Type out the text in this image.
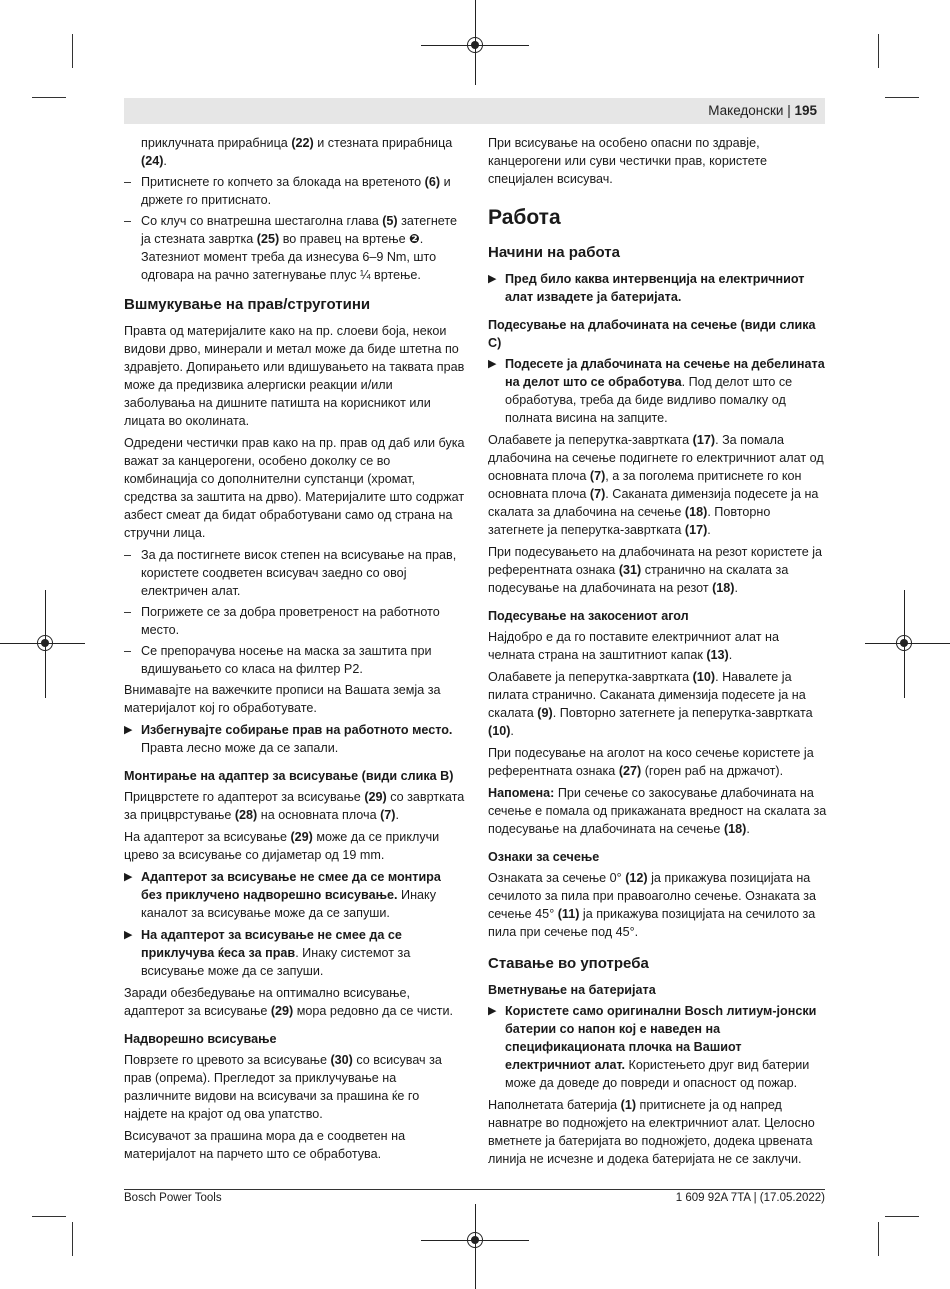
Македонски | 195

приклучната прирабница (22) и стезната прирабница (24).

– Притиснете го копчето за блокада на вретеното (6) и држете го притиснато.

– Со клуч со внатрешна шестаголна глава (5) затегнете ја стезната завртка (25) во правец на вртење ❷. Затезниот момент треба да изнесува 6–9 Nm, што одговара на рачно затегнување плус ¼ вртење.

Вшмукување на прав/струготини

Правта од материјалите како на пр. слоеви боја, некои видови дрво, минерали и метал може да биде штетна по здравјето. Допирањето или вдишувањето на таквата прав може да предизвика алергиски реакции и/или заболувања на дишните патишта на корисникот или лицата во околината.

Одредени честички прав како на пр. прав од даб или бука важат за канцерогени, особено доколку се во комбинација со дополнителни супстанци (хромат, средства за заштита на дрво). Материјалите што содржат азбест смеат да бидат обработувани само од страна на стручни лица.

– За да постигнете висок степен на всисување на прав, користете соодветен всисувач заедно со овој електричен алат.

– Погрижете се за добра проветреност на работното место.

– Се препорачува носење на маска за заштита при вдишувањето со класа на филтер P2.

Внимавајте на важечките прописи на Вашата земја за материјалот кој го обработувате.

▶ Избегнувајте собирање прав на работното место. Правта лесно може да се запали.

Монтирање на адаптер за всисување (види слика B)

Прицврстете го адаптерот за всисување (29) со завртката за прицврстување (28) на основната плоча (7).

На адаптерот за всисување (29) може да се приклучи црево за всисување со дијаметар од 19 mm.

▶ Адаптерот за всисување не смее да се монтира без приклучено надворешно всисување. Инаку каналот за всисување може да се запуши.

▶ На адаптерот за всисување не смее да се приклучува ќеса за прав. Инаку системот за всисување може да се запуши.

Заради обезбедување на оптимално всисување, адаптерот за всисување (29) мора редовно да се чисти.

Надворешно всисување

Поврзете го цревото за всисување (30) со всисувач за прав (опрема). Прегледот за приклучување на различните видови на всисувачи за прашина ќе го најдете на крајот од ова упатство.

Всисувачот за прашина мора да е соодветен на материјалот на парчето што се обработува.

При всисување на особено опасни по здравје, канцерогени или суви честички прав, користете специјален всисувач.

Работа
Начини на работа

▶ Пред било каква интервенција на електричниот алат извадете ја батеријата.

Подесување на длабочината на сечење (види слика C)

▶ Подесете ја длабочината на сечење на дебелината на делот што се обработува. Под делот што се обработува, треба да биде видливо помалку од полната висина на запците.

Олабавете ја пеперутка-завртката (17). За помала длабочина на сечење подигнете го електричниот алат од основната плоча (7), а за поголема притиснете го кон основната плоча (7). Саканата димензија подесете ја на скалата за длабочина на сечење (18). Повторно затегнете ја пеперутка-завртката (17).

При подесувањето на длабочината на резот користете ја референтната ознака (31) странично на скалата за подесување на длабочината на резот (18).

Подесување на закосениот агол

Најдобро е да го поставите електричниот алат на челната страна на заштитниот капак (13).

Олабавете ја пеперутка-завртката (10). Навалете ја пилата странично. Саканата димензија подесете ја на скалата (9). Повторно затегнете ја пеперутка-завртката (10).

При подесување на аголот на косо сечење користете ја референтната ознака (27) (горен раб на држачот).

Напомена: При сечење со закосување длабочината на сечење е помала од прикажаната вредност на скалата за подесување на длабочината на сечење (18).

Ознаки за сечење

Ознаката за сечење 0° (12) ја прикажува позицијата на сечилото за пила при правоаголно сечење. Ознаката за сечење 45° (11) ја прикажува позицијата на сечилото за пила при сечење под 45°.

Ставање во употреба
Вметнување на батеријата

▶ Користете само оригинални Bosch литиум-јонски батерии со напон кој е наведен на спецификационата плочка на Вашиот електричниот алат. Користењето друг вид батерии може да доведе до повреди и опасност од пожар.

Наполнетата батерија (1) притиснете ја од напред навнатре во подножјето на електричниот алат. Целосно вметнете ја батеријата во подножјето, додека црвената линија не исчезне и додека батеријата не се заклучи.

Bosch Power Tools	1 609 92A 7TA | (17.05.2022)
